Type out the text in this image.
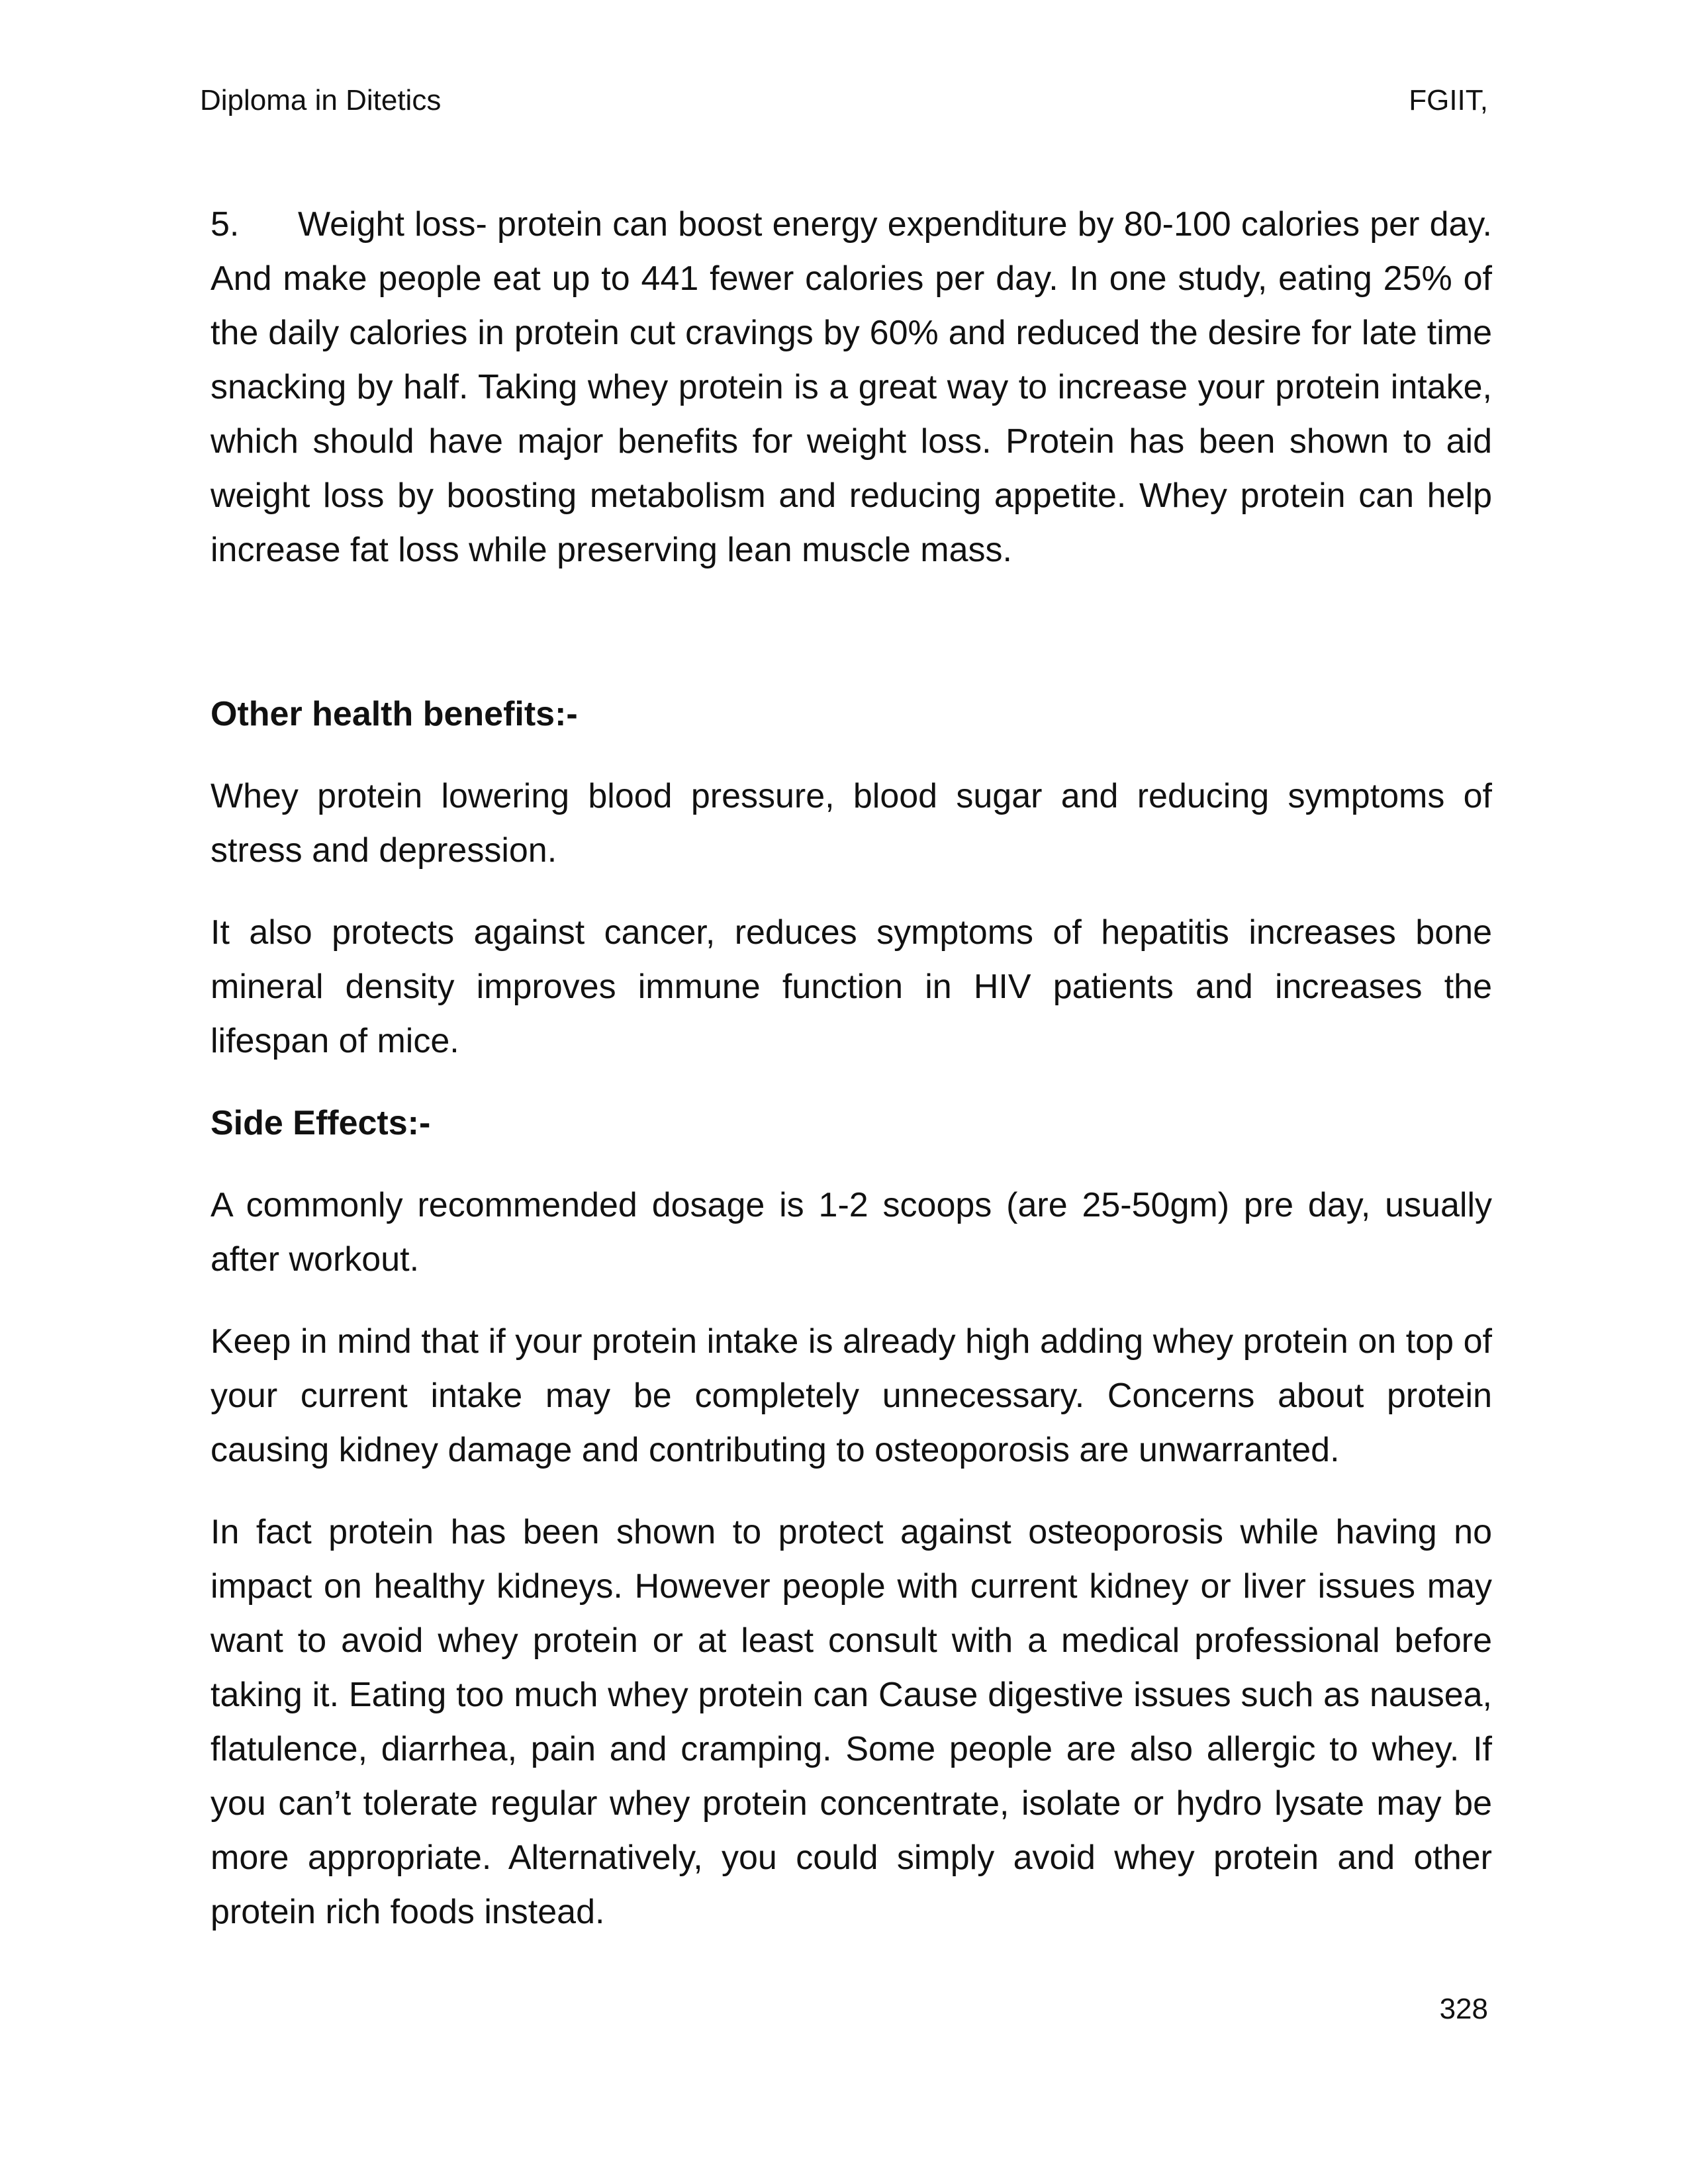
Diploma in Ditetics	FGIIT,

5. Weight loss- protein can boost energy expenditure by 80-100 calories per day. And make people eat up to 441 fewer calories per day. In one study, eating 25% of the daily calories in protein cut cravings by 60% and reduced the desire for late time snacking by half. Taking whey protein is a great way to increase your protein intake, which should have major benefits for weight loss. Protein has been shown to aid weight loss by boosting metabolism and reducing appetite. Whey protein can help increase fat loss while preserving lean muscle mass.

Other health benefits:-

Whey protein lowering blood pressure, blood sugar and reducing symptoms of stress and depression.

It also protects against cancer, reduces symptoms of hepatitis increases bone mineral density improves immune function in HIV patients and increases the lifespan of mice.

Side Effects:-

A commonly recommended dosage is 1-2 scoops (are 25-50gm) pre day, usually after workout.

Keep in mind that if your protein intake is already high adding whey protein on top of your current intake may be completely unnecessary. Concerns about protein causing kidney damage and contributing to osteoporosis are unwarranted.

In fact protein has been shown to protect against osteoporosis while having no impact on healthy kidneys. However people with current kidney or liver issues may want to avoid whey protein or at least consult with a medical professional before taking it. Eating too much whey protein can Cause digestive issues such as nausea, flatulence, diarrhea, pain and cramping. Some people are also allergic to whey. If you can’t tolerate regular whey protein concentrate, isolate or hydro lysate may be more appropriate. Alternatively, you could simply avoid whey protein and other protein rich foods instead.

328
